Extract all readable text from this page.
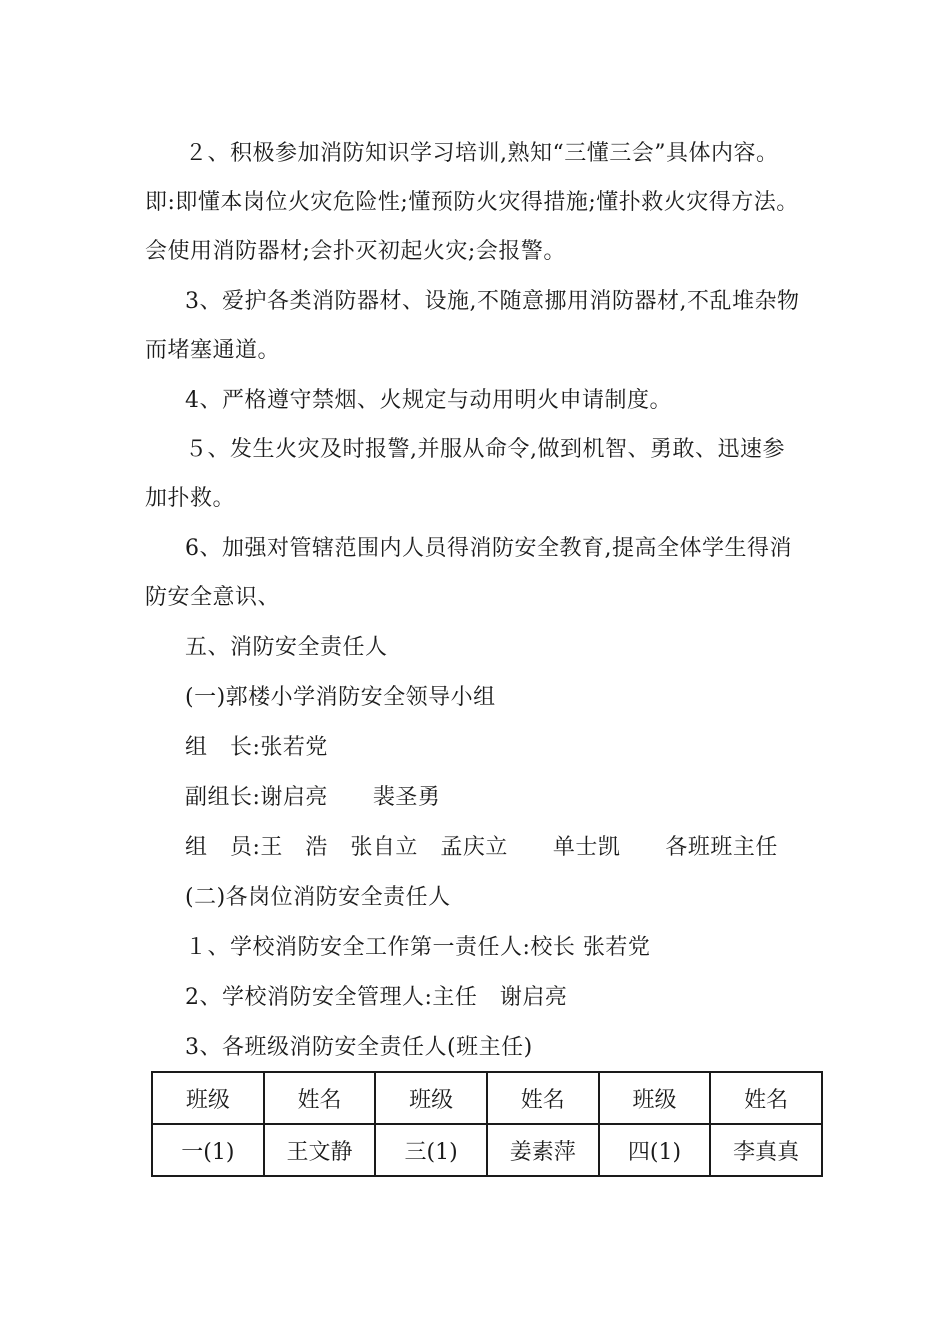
２、积极参加消防知识学习培训,熟知“三懂三会”具体内容。
即:即懂本岗位火灾危险性;懂预防火灾得措施;懂扑救火灾得方法。
会使用消防器材;会扑灭初起火灾;会报警。
3、爱护各类消防器材、设施,不随意挪用消防器材,不乱堆杂物
而堵塞通道。
4、严格遵守禁烟、火规定与动用明火申请制度。
５、发生火灾及时报警,并服从命令,做到机智、勇敢、迅速参
加扑救。
6、加强对管辖范围内人员得消防安全教育,提高全体学生得消
防安全意识、
五、消防安全责任人
(一)郭楼小学消防安全领导小组
组　长:张若党
副组长:谢启亮　　裴圣勇
组　员:王　浩　张自立　孟庆立　　单士凯　　各班班主任
(二)各岗位消防安全责任人
１、学校消防安全工作第一责任人:校长 张若党
2、学校消防安全管理人:主任　谢启亮
3、各班级消防安全责任人(班主任)
班级	姓名	班级	姓名	班级	姓名
一(1)	王文静	三(1)	姜素萍	四(1)	李真真
